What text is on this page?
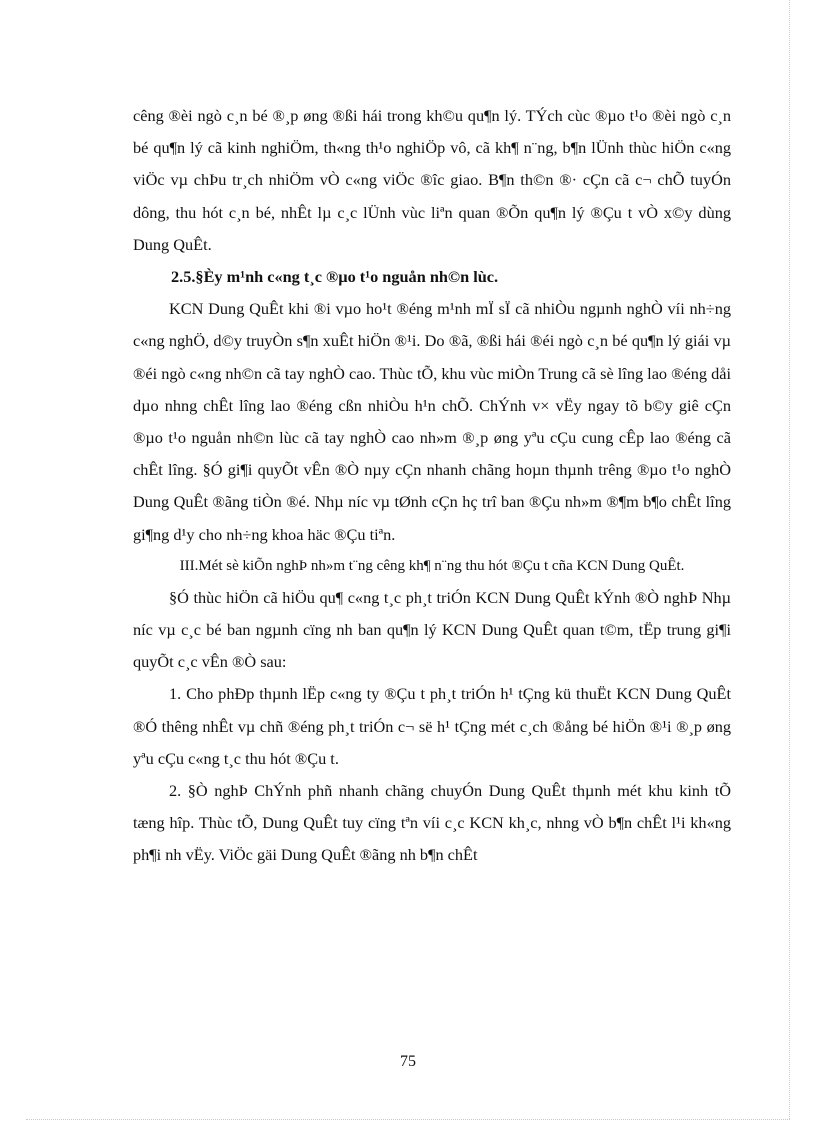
cêng ®èi ngò c¸n bé ®¸p øng ®ßi hái trong kh©u qu¶n lý. TÝch cùc ®µo t¹o ®èi ngò c¸n bé qu¶n lý cã kinh nghiÖm, th«ng th¹o nghiÖp vô, cã kh¶ n¨ng, b¶n lÜnh thùc hiÖn c«ng viÖc vµ chÞu tr¸ch nhiÖm vÒ c«ng viÖc ®îc giao. B¶n th©n ®· cÇn cã c¬ chÕ tuyÓn dông, thu hót c¸n bé, nhÊt lµ c¸c lÜnh vùc liªn quan ®Õn qu¶n lý ®Çu t vÒ x©y dùng Dung QuÊt.

2.5.§Èy m¹nh c«ng t¸c ®µo t¹o nguån nh©n lùc.

KCN Dung QuÊt khi ®i vµo ho¹t ®éng m¹nh mÏ sÏ cã nhiÒu ngµnh nghÒ víi nh÷ng c«ng nghÖ, d©y truyÒn s¶n xuÊt hiÖn ®¹i. Do ®ã, ®ßi hái ®éi ngò c¸n bé qu¶n lý giái vµ ®éi ngò c«ng nh©n cã tay nghÒ cao. Thùc tÕ, khu vùc miÒn Trung cã sè lîng lao ®éng dåi dµo nhng chÊt lîng lao ®éng cßn nhiÒu h¹n chÕ. ChÝnh v× vËy ngay tõ b©y giê cÇn ®µo t¹o nguån nh©n lùc cã tay nghÒ cao nh»m ®¸p øng yªu cÇu cung cÊp lao ®éng cã chÊt lîng. §Ó gi¶i quyÕt vÊn ®Ò nµy cÇn nhanh chãng hoµn thµnh trêng ®µo t¹o nghÒ Dung QuÊt ®ãng tiÒn ®é. Nhµ níc vµ tØnh cÇn hç trî ban ®Çu nh»m ®¶m b¶o chÊt lîng gi¶ng d¹y cho nh÷ng khoa häc ®Çu tiªn.

III.Mét sè kiÕn nghÞ nh»m t¨ng cêng kh¶ n¨ng thu hót ®Çu t cña KCN Dung QuÊt.

§Ó thùc hiÖn cã hiÖu qu¶ c«ng t¸c ph¸t triÓn KCN Dung QuÊt kÝnh ®Ò nghÞ Nhµ níc vµ c¸c bé ban ngµnh cïng nh ban qu¶n lý KCN Dung QuÊt quan t©m, tËp trung gi¶i quyÕt c¸c vÊn ®Ò sau:

1. Cho phÐp thµnh lËp c«ng ty ®Çu t ph¸t triÓn h¹ tÇng kü thuËt KCN Dung QuÊt ®Ó thêng nhÊt vµ chñ ®éng ph¸t triÓn c¬ së h¹ tÇng mét c¸ch ®ång bé hiÖn ®¹i ®¸p øng yªu cÇu c«ng t¸c thu hót ®Çu t.

2. §Ò nghÞ ChÝnh phñ nhanh chãng chuyÓn Dung QuÊt thµnh mét khu kinh tÕ tæng hîp. Thùc tÕ, Dung QuÊt tuy cïng tªn víi c¸c KCN kh¸c, nhng vÒ b¶n chÊt l¹i kh«ng ph¶i nh vËy. ViÖc gäi Dung QuÊt ®ãng nh b¶n chÊt

75
